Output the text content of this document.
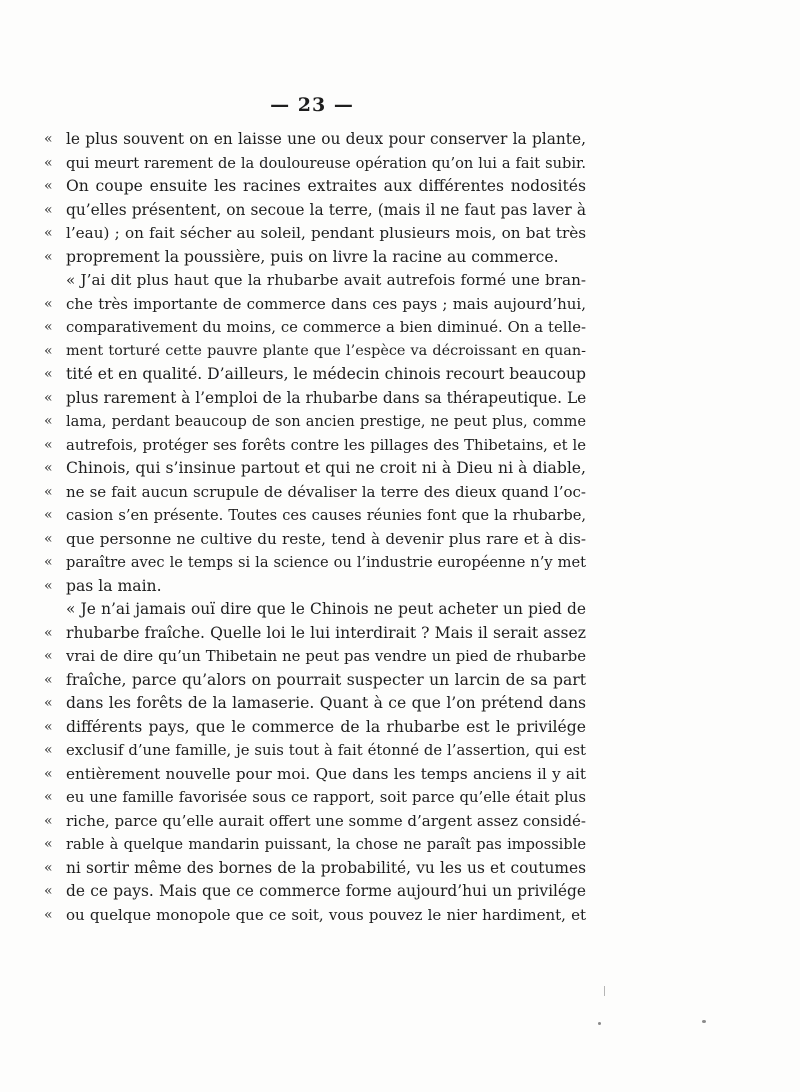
— 23 —
« le plus souvent on en laisse une ou deux pour conserver la plante,
« qui meurt rarement de la douloureuse opération qu’on lui a fait subir.
« On coupe ensuite les racines extraites aux différentes nodosités
« qu’elles présentent, on secoue la terre, (mais il ne faut pas laver à
« l’eau) ; on fait sécher au soleil, pendant plusieurs mois, on bat très
« proprement la poussière, puis on livre la racine au commerce.
« J’ai dit plus haut que la rhubarbe avait autrefois formé une bran-
« che très importante de commerce dans ces pays ; mais aujourd’hui,
« comparativement du moins, ce commerce a bien diminué. On a telle-
« ment torturé cette pauvre plante que l’espèce va décroissant en quan-
« tité et en qualité. D’ailleurs, le médecin chinois recourt beaucoup
« plus rarement à l’emploi de la rhubarbe dans sa thérapeutique. Le
« lama, perdant beaucoup de son ancien prestige, ne peut plus, comme
« autrefois, protéger ses forêts contre les pillages des Thibetains, et le
« Chinois, qui s’insinue partout et qui ne croit ni à Dieu ni à diable,
« ne se fait aucun scrupule de dévaliser la terre des dieux quand l’oc-
« casion s’en présente. Toutes ces causes réunies font que la rhubarbe,
« que personne ne cultive du reste, tend à devenir plus rare et à dis-
« paraître avec le temps si la science ou l’industrie européenne n’y met
« pas la main.
« Je n’ai jamais ouï dire que le Chinois ne peut acheter un pied de
« rhubarbe fraîche. Quelle loi le lui interdirait ? Mais il serait assez
« vrai de dire qu’un Thibetain ne peut pas vendre un pied de rhubarbe
« fraîche, parce qu’alors on pourrait suspecter un larcin de sa part
« dans les forêts de la lamaserie. Quant à ce que l’on prétend dans
« différents pays, que le commerce de la rhubarbe est le privilége
« exclusif d’une famille, je suis tout à fait étonné de l’assertion, qui est
« entièrement nouvelle pour moi. Que dans les temps anciens il y ait
« eu une famille favorisée sous ce rapport, soit parce qu’elle était plus
« riche, parce qu’elle aurait offert une somme d’argent assez considé-
« rable à quelque mandarin puissant, la chose ne paraît pas impossible
« ni sortir même des bornes de la probabilité, vu les us et coutumes
« de ce pays. Mais que ce commerce forme aujourd’hui un privilége
« ou quelque monopole que ce soit, vous pouvez le nier hardiment, et
